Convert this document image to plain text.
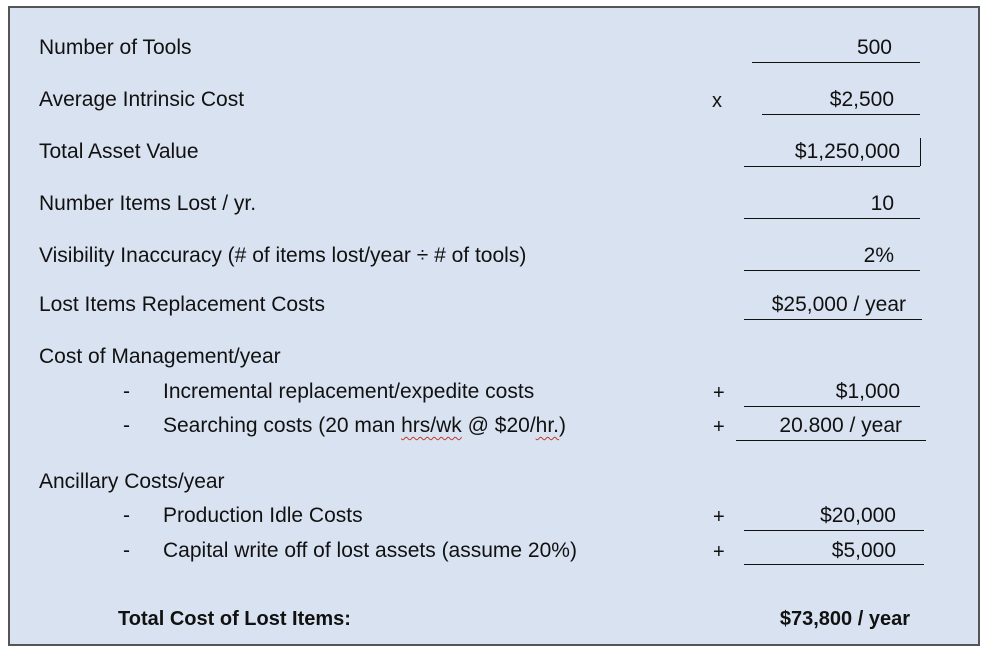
Number of Tools	500
Average Intrinsic Cost	x	$2,500
Total Asset Value	$1,250,000
Number Items Lost / yr.	10
Visibility Inaccuracy (# of items lost/year ÷ # of tools)	2%
Lost Items Replacement Costs	$25,000 / year
Cost of Management/year
- Incremental replacement/expedite costs	+	$1,000
- Searching costs (20 man hrs/wk @ $20/hr.)	+	20.800 / year
Ancillary Costs/year
- Production Idle Costs	+	$20,000
- Capital write off of lost assets (assume 20%)	+	$5,000
Total Cost of Lost Items:	$73,800 / year
